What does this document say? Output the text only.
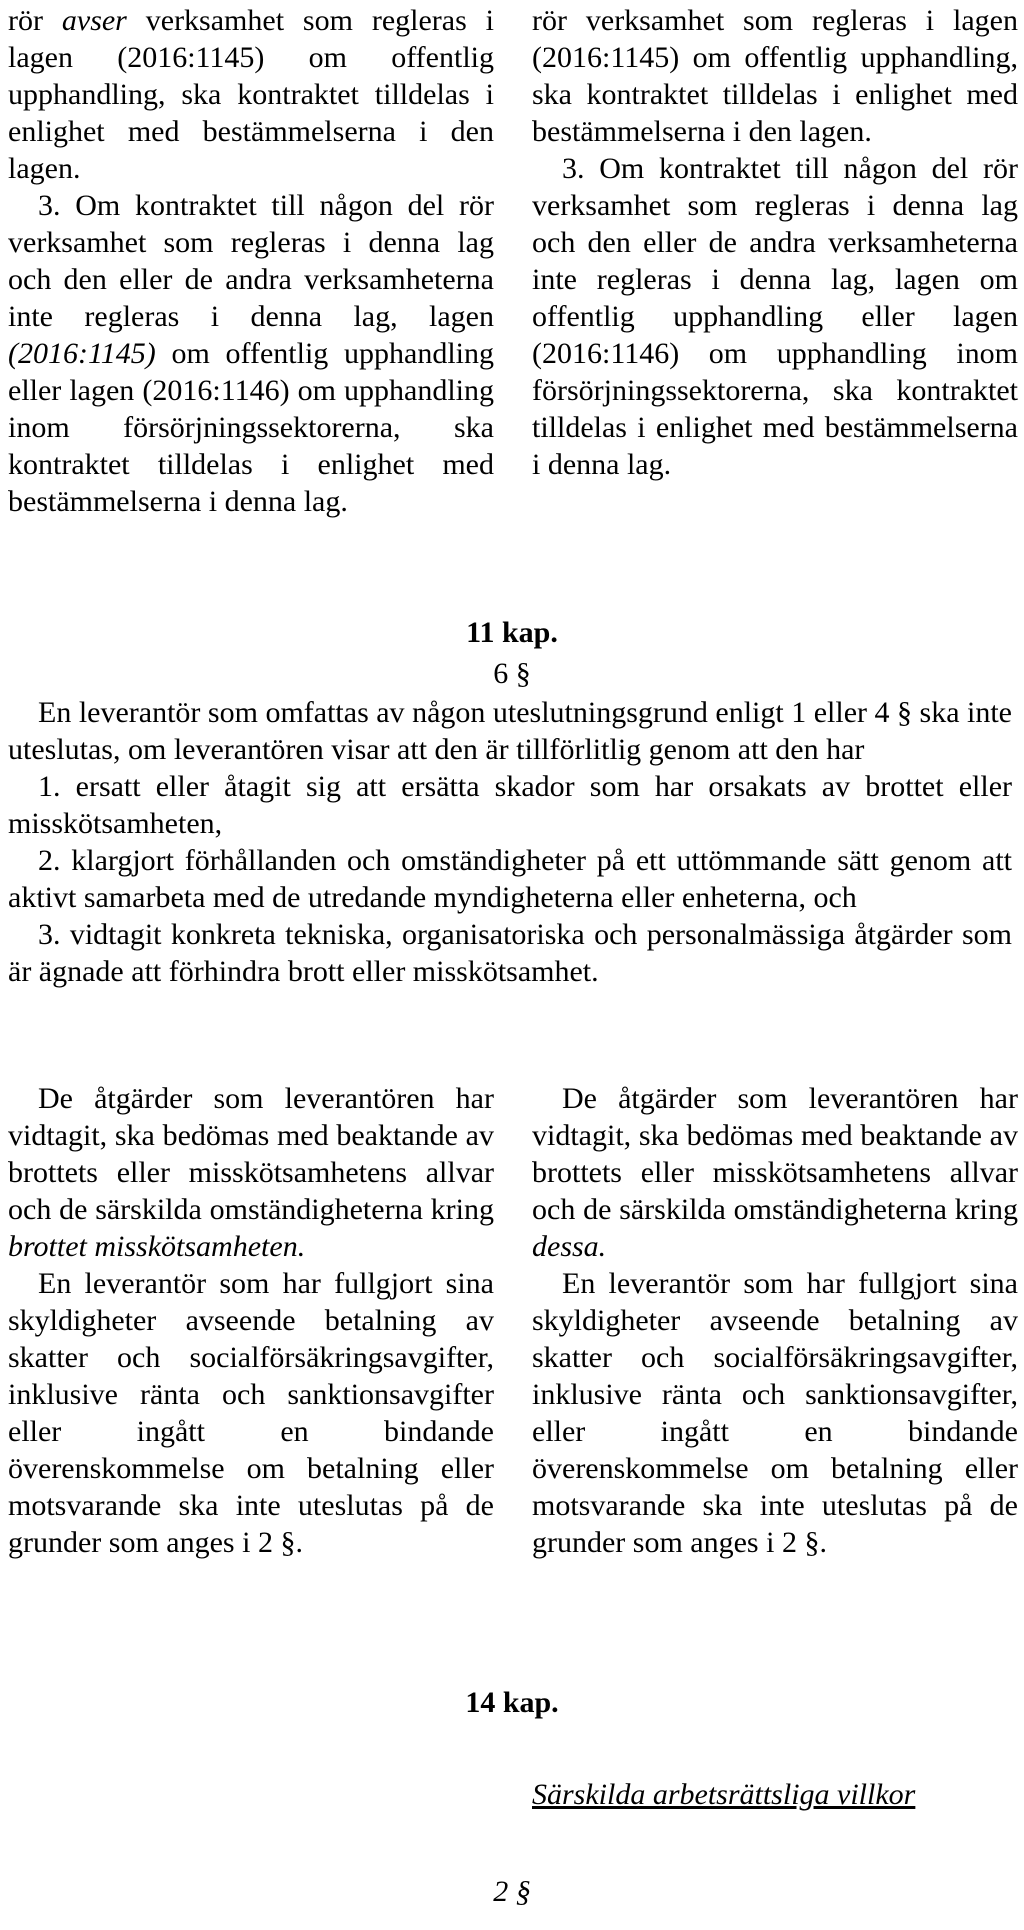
rör avser verksamhet som regleras i lagen (2016:1145) om offentlig upphandling, ska kontraktet tilldelas i enlighet med bestämmelserna i den lagen.

3. Om kontraktet till någon del rör verksamhet som regleras i denna lag och den eller de andra verksamheterna inte regleras i denna lag, lagen (2016:1145) om offentlig upphandling eller lagen (2016:1146) om upphandling inom försörjningssektorerna, ska kontraktet tilldelas i enlighet med bestämmelserna i denna lag.

rör verksamhet som regleras i lagen (2016:1145) om offentlig upphandling, ska kontraktet tilldelas i enlighet med bestämmelserna i den lagen.

3. Om kontraktet till någon del rör verksamhet som regleras i denna lag och den eller de andra verksamheterna inte regleras i denna lag, lagen om offentlig upphandling eller lagen (2016:1146) om upphandling inom försörjningssektorerna, ska kontraktet tilldelas i enlighet med bestämmelserna i denna lag.

11 kap.
6 §

En leverantör som omfattas av någon uteslutningsgrund enligt 1 eller 4 § ska inte uteslutas, om leverantören visar att den är tillförlitlig genom att den har

1. ersatt eller åtagit sig att ersätta skador som har orsakats av brottet eller misskötsamheten,

2. klargjort förhållanden och omständigheter på ett uttömmande sätt genom att aktivt samarbeta med de utredande myndigheterna eller enheterna, och

3. vidtagit konkreta tekniska, organisatoriska och personalmässiga åtgärder som är ägnade att förhindra brott eller misskötsamhet.

De åtgärder som leverantören har vidtagit, ska bedömas med beaktande av brottets eller misskötsamhetens allvar och de särskilda omständigheterna kring brottet misskötsamheten.

En leverantör som har fullgjort sina skyldigheter avseende betalning av skatter och socialförsäkringsavgifter, inklusive ränta och sanktionsavgifter eller ingått en bindande överenskommelse om betalning eller motsvarande ska inte uteslutas på de grunder som anges i 2 §.

De åtgärder som leverantören har vidtagit, ska bedömas med beaktande av brottets eller misskötsamhetens allvar och de särskilda omständigheterna kring dessa.

En leverantör som har fullgjort sina skyldigheter avseende betalning av skatter och socialförsäkringsavgifter, inklusive ränta och sanktionsavgifter, eller ingått en bindande överenskommelse om betalning eller motsvarande ska inte uteslutas på de grunder som anges i 2 §.

14 kap.
Särskilda arbetsrättsliga villkor
2 §
